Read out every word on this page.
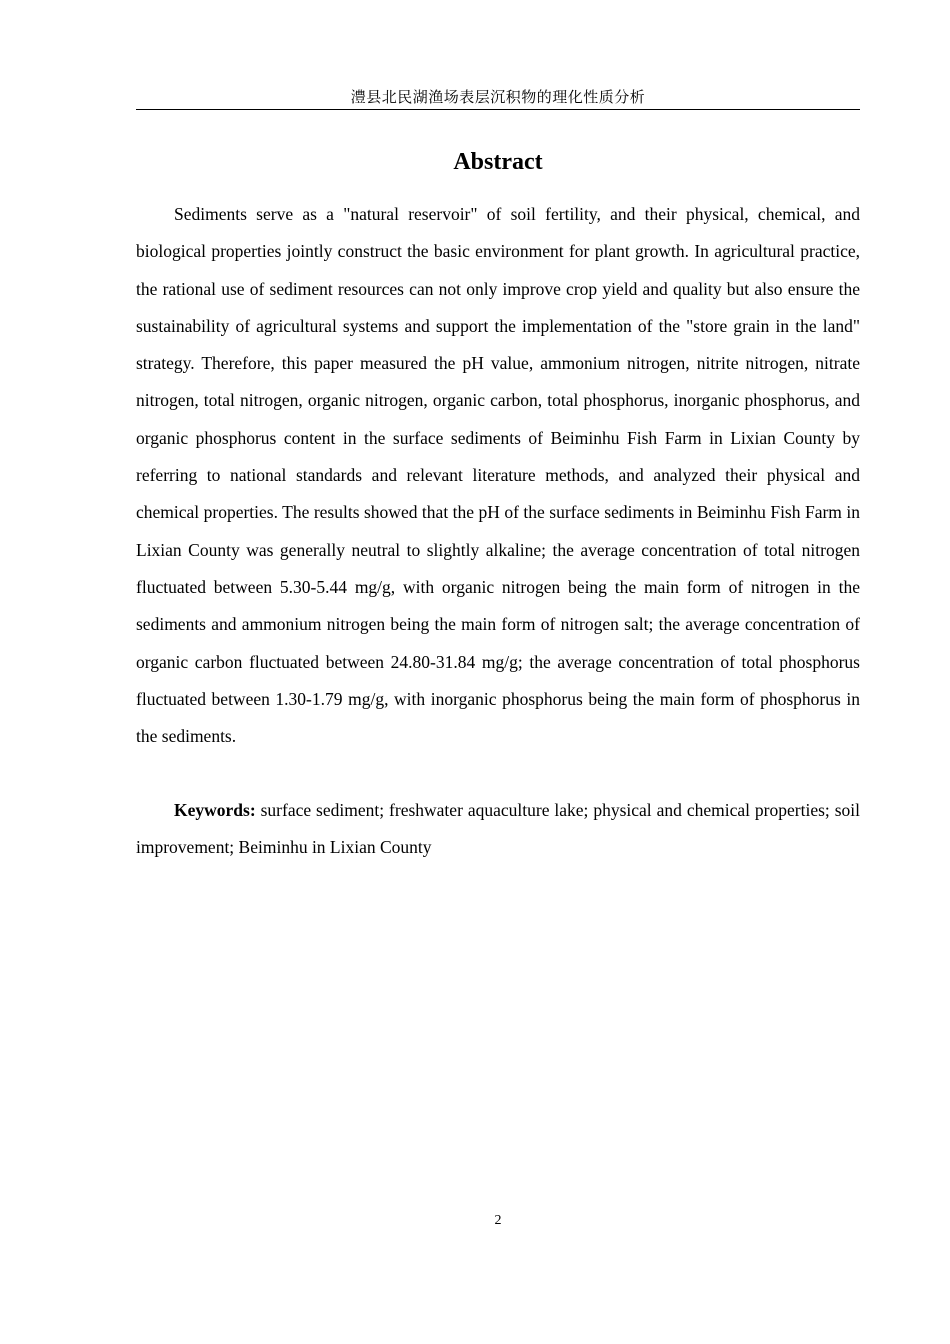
澧县北民湖渔场表层沉积物的理化性质分析
Abstract

Sediments serve as a "natural reservoir" of soil fertility, and their physical, chemical, and biological properties jointly construct the basic environment for plant growth. In agricultural practice, the rational use of sediment resources can not only improve crop yield and quality but also ensure the sustainability of agricultural systems and support the implementation of the "store grain in the land" strategy. Therefore, this paper measured the pH value, ammonium nitrogen, nitrite nitrogen, nitrate nitrogen, total nitrogen, organic nitrogen, organic carbon, total phosphorus, inorganic phosphorus, and organic phosphorus content in the surface sediments of Beiminhu Fish Farm in Lixian County by referring to national standards and relevant literature methods, and analyzed their physical and chemical properties. The results showed that the pH of the surface sediments in Beiminhu Fish Farm in Lixian County was generally neutral to slightly alkaline; the average concentration of total nitrogen fluctuated between 5.30-5.44 mg/g, with organic nitrogen being the main form of nitrogen in the sediments and ammonium nitrogen being the main form of nitrogen salt; the average concentration of organic carbon fluctuated between 24.80-31.84 mg/g; the average concentration of total phosphorus fluctuated between 1.30-1.79 mg/g, with inorganic phosphorus being the main form of phosphorus in the sediments.

Keywords: surface sediment; freshwater aquaculture lake; physical and chemical properties; soil improvement; Beiminhu in Lixian County

2
